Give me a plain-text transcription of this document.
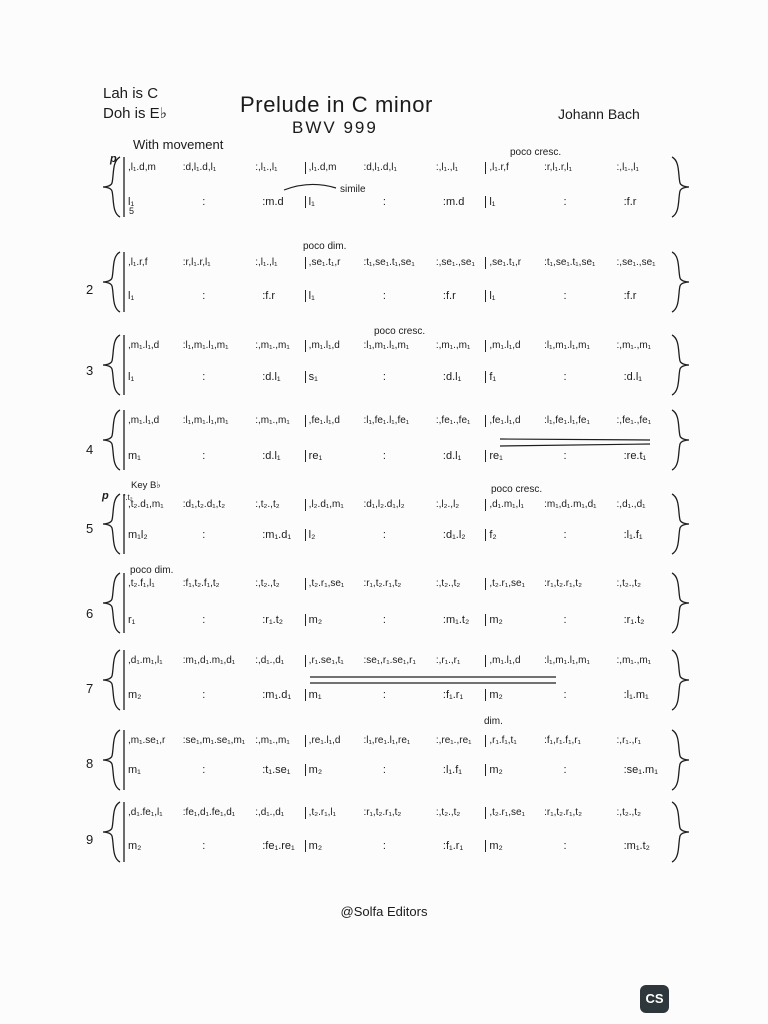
Lah is C
Doh is E♭	Prelude in C minor
BWV 999
Johann Bach
With movement
p
p
poco cresc.
simile
5
poco dim.
poco cresc.
Key B♭
f.t₂
poco cresc.
poco dim.
dim.
,l₁.d,m	:d,l₁.d,l₁	:,l₁.,l₁	,l₁.d,m	:d,l₁.d,l₁	:,l₁.,l₁	,l₁.r,f	:r,l₁.r,l₁	:,l₁.,l₁
l₁	:	:m.d	l₁	:	:m.d	l₁	:	:f.r
2
,l₁.r,f	:r,l₁.r,l₁	:,l₁.,l₁	,se₁.t₁,r	:t₁,se₁.t₁,se₁	:,se₁.,se₁	,se₁.t₁,r	:t₁,se₁.t₁,se₁	:,se₁.,se₁
l₁	:	:f.r	l₁	:	:f.r	l₁	:	:f.r
3
,m₁.l₁,d	:l₁,m₁.l₁,m₁	:,m₁.,m₁	,m₁.l₁,d	:l₁,m₁.l₁,m₁	:,m₁.,m₁	,m₁.l₁,d	:l₁,m₁.l₁,m₁	:,m₁.,m₁
l₁	:	:d.l₁	s₁	:	:d.l₁	f₁	:	:d.l₁
4
,m₁.l₁,d	:l₁,m₁.l₁,m₁	:,m₁.,m₁	,fe₁.l₁,d	:l₁,fe₁.l₁,fe₁	:,fe₁.,fe₁	,fe₁.l₁,d	:l₁,fe₁.l₁,fe₁	:,fe₁.,fe₁
m₁	:	:d.l₁	re₁	:	:d.l₁	re₁	:	:re.t₁
5
,t₂.d₁,m₁	:d₁,t₂.d₁,t₂	:,t₂.,t₂	,l₂.d₁,m₁	:d₁,l₂.d₁,l₂	:,l₂.,l₂	,d₁.m₁,l₁	:m₁,d₁.m₁,d₁	:,d₁.,d₁
m₁l₂	:	:m₁.d₁	l₂	:	:d₁.l₂	f₂	:	:l₁.f₁
6
,t₂.f₁,l₁	:f₁,t₂.f₁,t₂	:,t₂.,t₂	,t₂.r₁,se₁	:r₁,t₂.r₁,t₂	:,t₂.,t₂	,t₂.r₁,se₁	:r₁,t₂.r₁,t₂	:,t₂.,t₂
r₁	:	:r₁.t₂	m₂	:	:m₁.t₂	m₂	:	:r₁.t₂
7
,d₁.m₁,l₁	:m₁,d₁.m₁,d₁	:,d₁.,d₁	,r₁.se₁,t₁	:se₁,r₁.se₁,r₁	:,r₁.,r₁	,m₁.l₁,d	:l₁,m₁.l₁,m₁	:,m₁.,m₁
m₂	:	:m₁.d₁	m₁	:	:f₁.r₁	m₂	:	:l₁.m₁
8
,m₁.se₁,r	:se₁,m₁.se₁,m₁	:,m₁.,m₁	,re₁.l₁,d	:l₁,re₁.l₁,re₁	:,re₁.,re₁	,r₁.f₁,t₁	:f₁,r₁.f₁,r₁	:,r₁.,r₁
m₁	:	:t₁.se₁	m₂	:	:l₁.f₁	m₂	:	:se₁.m₁
9
,d₁.fe₁,l₁	:fe₁,d₁.fe₁,d₁	:,d₁.,d₁	,t₂.r₁,l₁	:r₁,t₂.r₁,t₂	:,t₂.,t₂	,t₂.r₁,se₁	:r₁,t₂.r₁,t₂	:,t₂.,t₂
m₂	:	:fe₁.re₁	m₂	:	:f₁.r₁	m₂	:	:m₁.t₂
@Solfa Editors
CS
